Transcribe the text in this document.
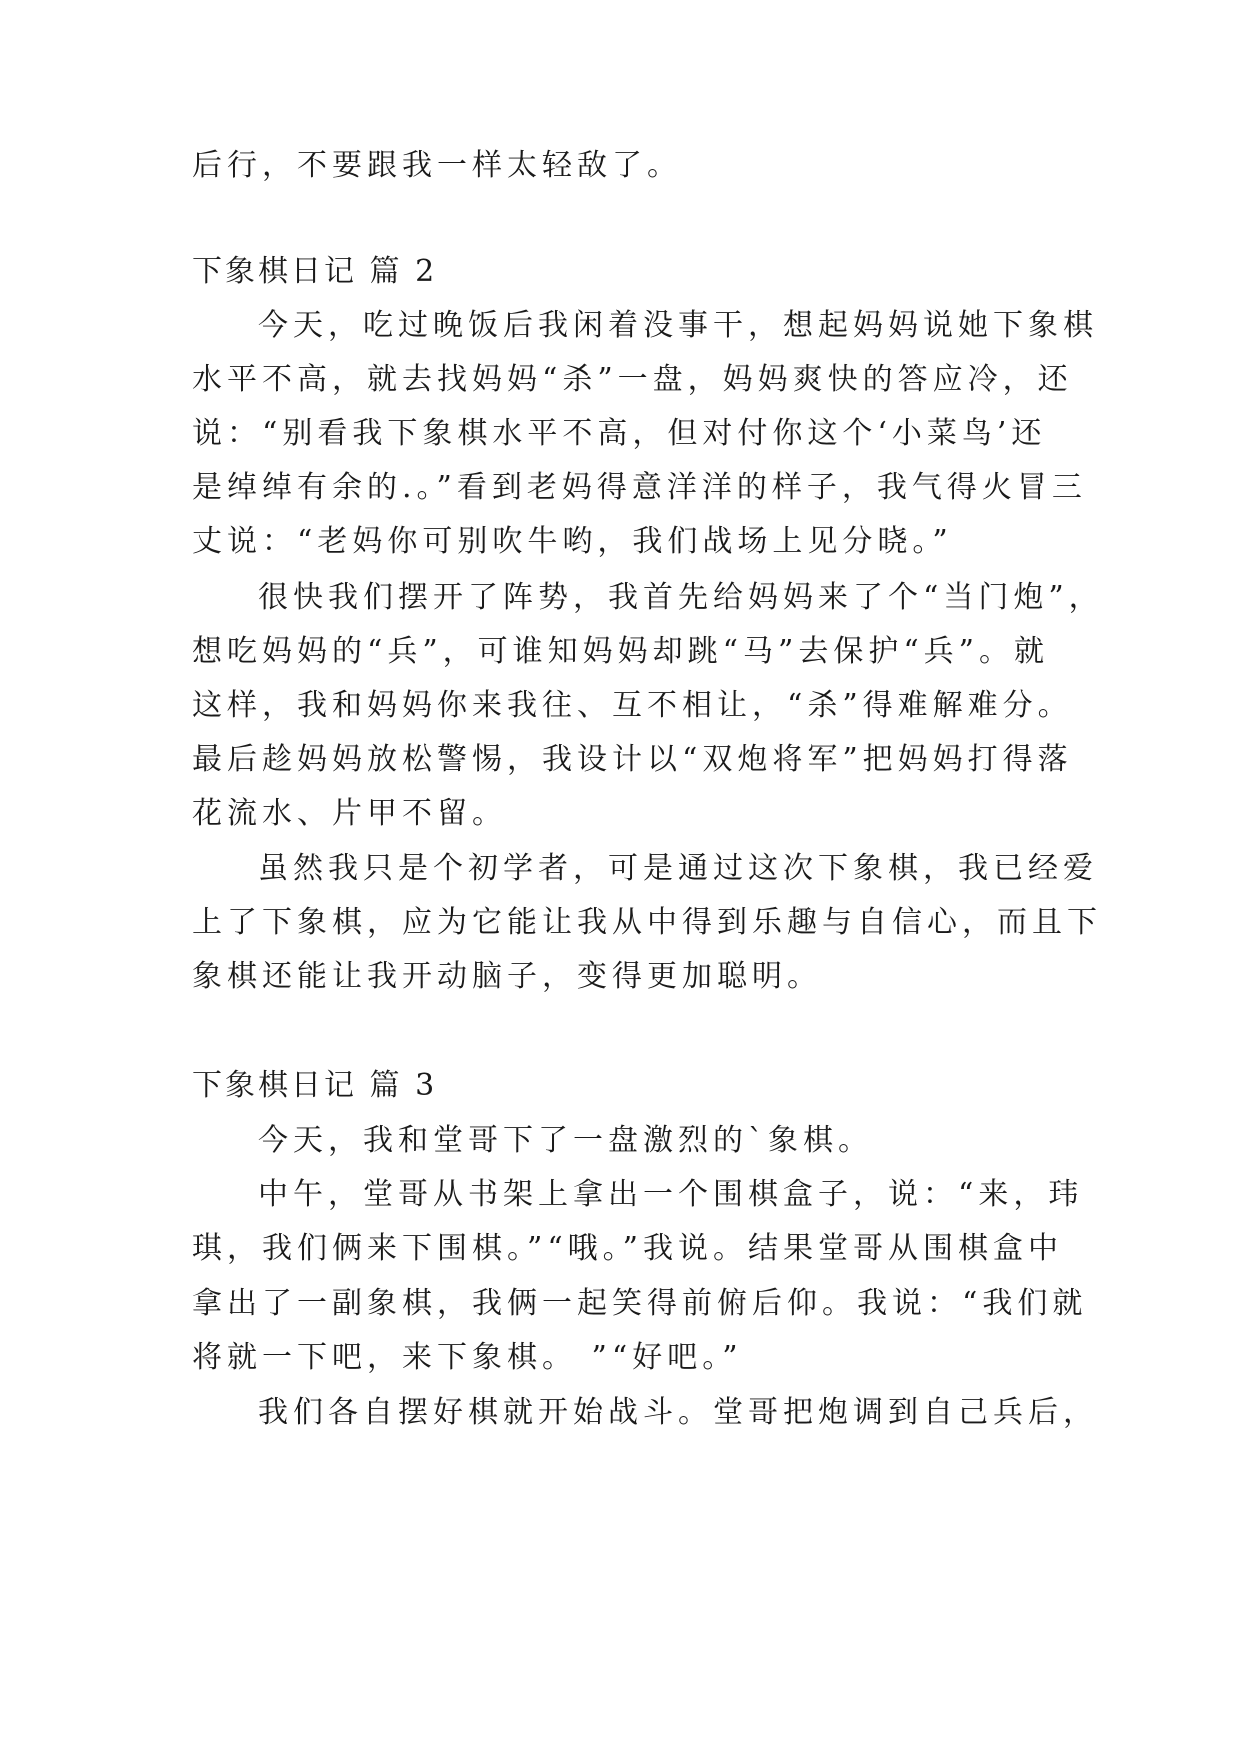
后行，不要跟我一样太轻敌了。
下象棋日记 篇 2
今天，吃过晚饭后我闲着没事干，想起妈妈说她下象棋
水平不高，就去找妈妈“杀”一盘，妈妈爽快的答应冷，还
说：“别看我下象棋水平不高，但对付你这个‘小菜鸟’还
是绰绰有余的.。”看到老妈得意洋洋的样子，我气得火冒三
丈说：“老妈你可别吹牛哟，我们战场上见分晓。”
很快我们摆开了阵势，我首先给妈妈来了个“当门炮”，
想吃妈妈的“兵”，可谁知妈妈却跳“马”去保护“兵”。就
这样，我和妈妈你来我往、互不相让，“杀”得难解难分。
最后趁妈妈放松警惕，我设计以“双炮将军”把妈妈打得落
花流水、片甲不留。
虽然我只是个初学者，可是通过这次下象棋，我已经爱
上了下象棋，应为它能让我从中得到乐趣与自信心，而且下
象棋还能让我开动脑子，变得更加聪明。
下象棋日记 篇 3
今天，我和堂哥下了一盘激烈的`象棋。
中午，堂哥从书架上拿出一个围棋盒子，说：“来，玮
琪，我们俩来下围棋。”“哦。”我说。结果堂哥从围棋盒中
拿出了一副象棋，我俩一起笑得前俯后仰。我说：“我们就
将就一下吧，来下象棋。 ”“好吧。”
我们各自摆好棋就开始战斗。堂哥把炮调到自己兵后，
